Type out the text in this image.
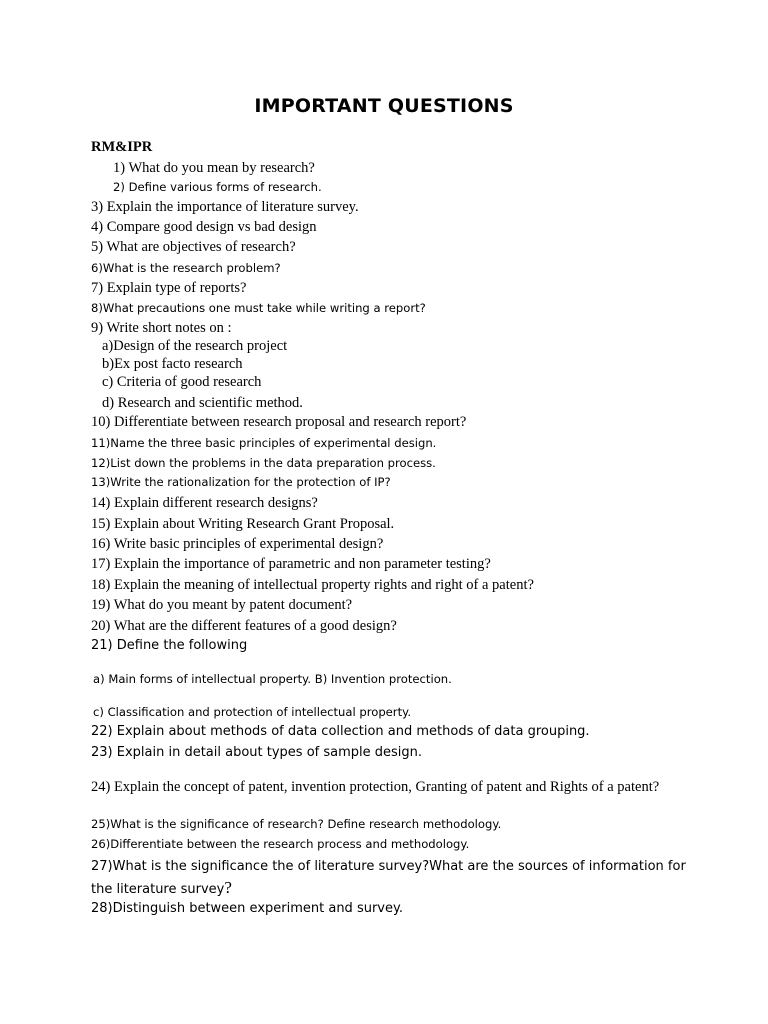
IMPORTANT QUESTIONS
RM&IPR
1) What do you mean by research?
2) Define various forms of research.
3) Explain the importance of literature survey.
4) Compare good design vs bad design
5) What are objectives of research?
6)What is the research problem?
7) Explain type of reports?
8)What precautions one must take while writing a report?
9) Write short notes on :
a)Design of the research project
b)Ex post facto research
c) Criteria of good research
d) Research and scientific method.
10) Differentiate between research proposal and research report?
11)Name the three basic principles of experimental design.
12)List down the problems in the data preparation process.
13)Write the rationalization for the protection of IP?
14) Explain different research designs?
15) Explain about Writing Research Grant Proposal.
16) Write basic principles of experimental design?
17) Explain the importance of parametric and non parameter testing?
18) Explain the meaning of intellectual property rights and right of a patent?
19) What do you meant by patent document?
20) What are the different features of a good design?
21) Define the following
a) Main forms of intellectual property. B) Invention protection.
c) Classification and protection of intellectual property.
22) Explain about methods of data collection and methods of data grouping.
23) Explain in detail about types of sample design.
24) Explain the concept of patent, invention protection, Granting of patent and Rights of a patent?
25)What is the significance of research? Define research methodology.
26)Differentiate between the research process and methodology.
27)What is the significance the of literature survey?What are the sources of information for the literature survey?
28)Distinguish between experiment and survey.
